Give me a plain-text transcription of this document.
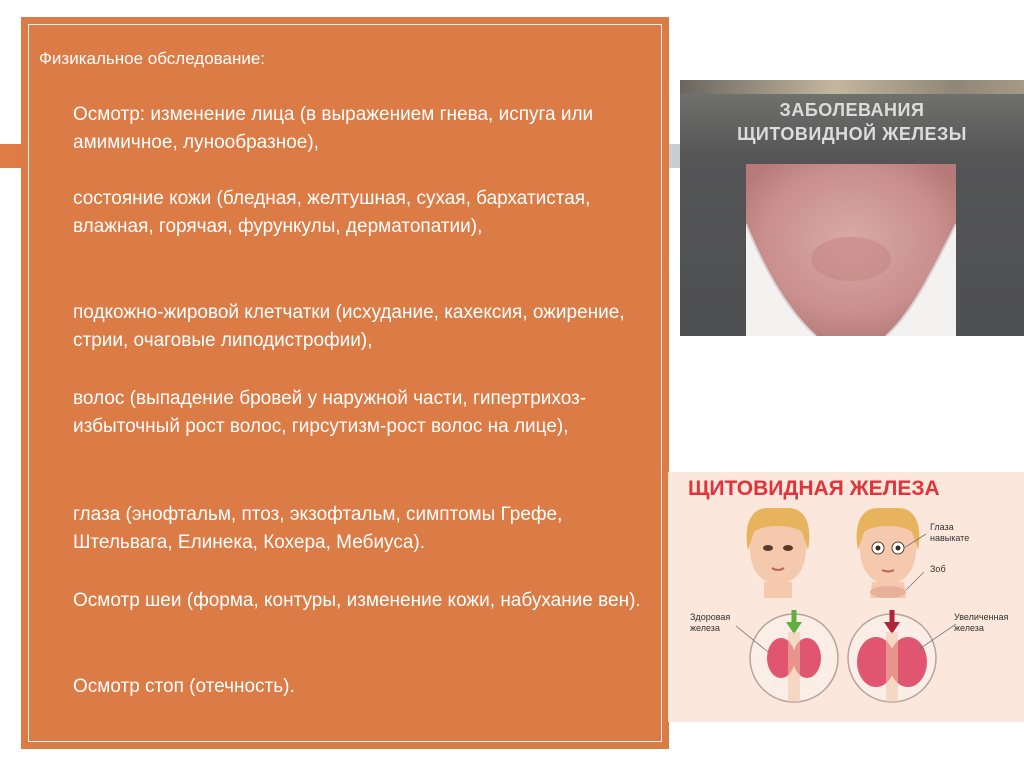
Физикальное обследование:
Осмотр: изменение лица (в выражением гнева, испуга или амимичное, лунообразное),
состояние кожи (бледная, желтушная, сухая, бархатистая, влажная, горячая, фурункулы, дерматопатии),
подкожно-жировой клетчатки (исхудание, кахексия, ожирение, стрии, очаговые липодистрофии),
волос (выпадение бровей у наружной части, гипертрихоз-избыточный рост волос, гирсутизм-рост волос на лице),
глаза (энофтальм, птоз, экзофтальм, симптомы Грефе, Штельвага, Елинека, Кохера, Мебиуса).
Осмотр шеи (форма, контуры, изменение кожи, набухание вен).
Осмотр стоп (отечность).
ЗАБОЛЕВАНИЯ
ЩИТОВИДНОЙ ЖЕЛЕЗЫ
ЩИТОВИДНАЯ ЖЕЛЕЗА
Глаза
навыкате
Зоб
Здоровая
железа
Увеличенная
железа
